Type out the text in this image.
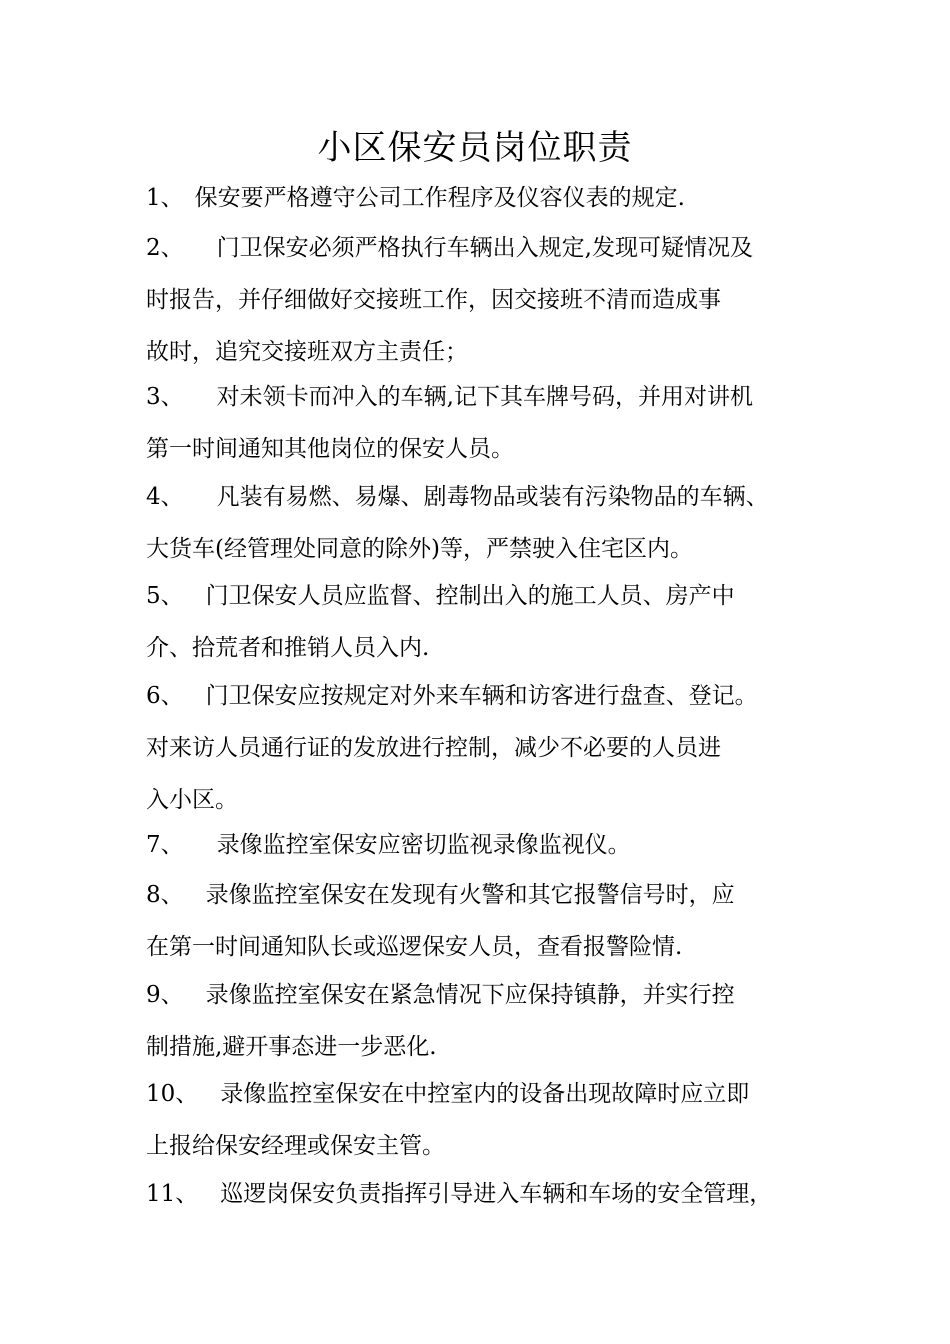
小区保安员岗位职责
1、 保安要严格遵守公司工作程序及仪容仪表的规定.
2、 门卫保安必须严格执行车辆出入规定,发现可疑情况及
时报告，并仔细做好交接班工作，因交接班不清而造成事
故时，追究交接班双方主责任；
3、 对未领卡而冲入的车辆,记下其车牌号码，并用对讲机
第一时间通知其他岗位的保安人员。
4、 凡装有易燃、易爆、剧毒物品或装有污染物品的车辆、
大货车(经管理处同意的除外)等，严禁驶入住宅区内。
5、 门卫保安人员应监督、控制出入的施工人员、房产中
介、拾荒者和推销人员入内.
6、 门卫保安应按规定对外来车辆和访客进行盘查、登记。
对来访人员通行证的发放进行控制，减少不必要的人员进
入小区。
7、 录像监控室保安应密切监视录像监视仪。
8、 录像监控室保安在发现有火警和其它报警信号时，应
在第一时间通知队长或巡逻保安人员，查看报警险情.
9、 录像监控室保安在紧急情况下应保持镇静，并实行控
制措施,避开事态进一步恶化.
10、 录像监控室保安在中控室内的设备出现故障时应立即
上报给保安经理或保安主管。
11、 巡逻岗保安负责指挥引导进入车辆和车场的安全管理，
